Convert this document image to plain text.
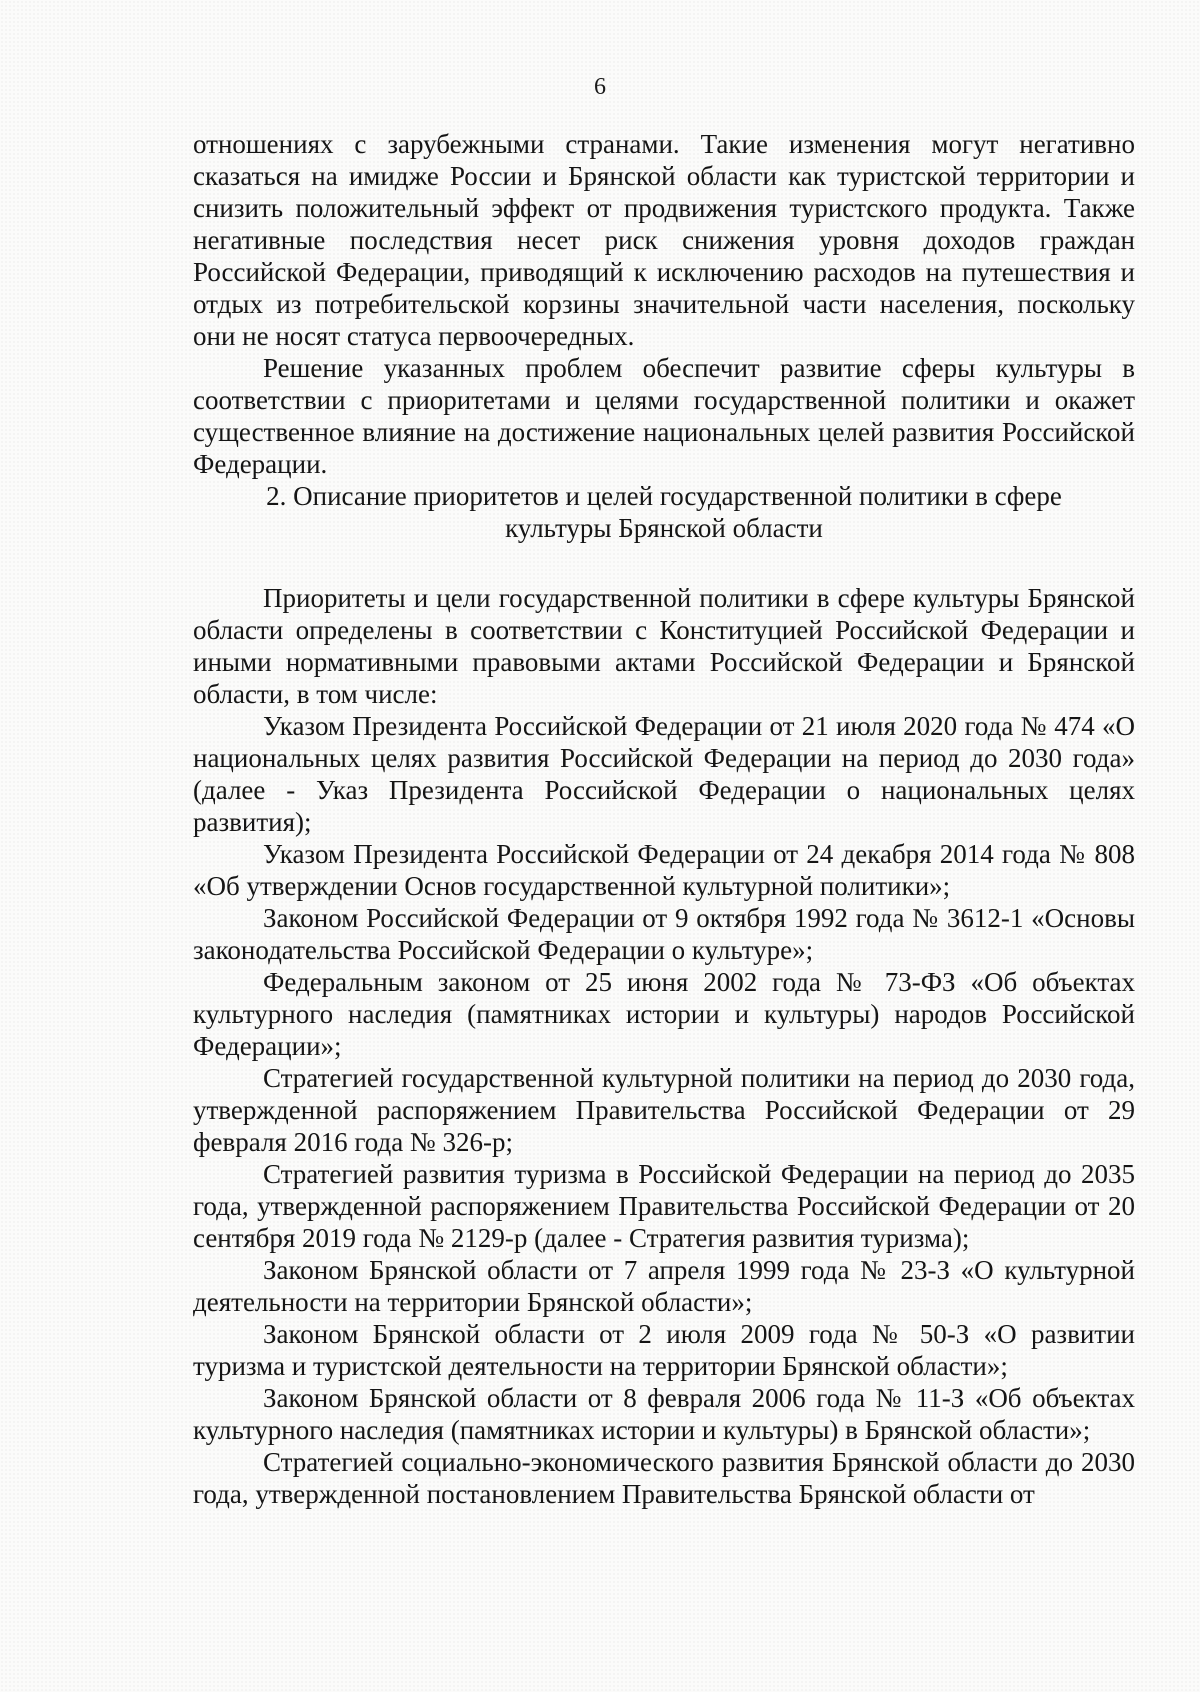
6

отношениях с зарубежными странами. Такие изменения могут негативно сказаться на имидже России и Брянской области как туристской территории и снизить положительный эффект от продвижения туристского продукта. Также негативные последствия несет риск снижения уровня доходов граждан Российской Федерации, приводящий к исключению расходов на путешествия и отдых из потребительской корзины значительной части населения, поскольку они не носят статуса первоочередных.

Решение указанных проблем обеспечит развитие сферы культуры в соответствии с приоритетами и целями государственной политики и окажет существенное влияние на достижение национальных целей развития Российской Федерации.

2. Описание приоритетов и целей государственной политики в сфере культуры Брянской области

Приоритеты и цели государственной политики в сфере культуры Брянской области определены в соответствии с Конституцией Российской Федерации и иными нормативными правовыми актами Российской Федерации и Брянской области, в том числе:

Указом Президента Российской Федерации от 21 июля 2020 года № 474 «О национальных целях развития Российской Федерации на период до 2030 года» (далее - Указ Президента Российской Федерации о национальных целях развития);

Указом Президента Российской Федерации от 24 декабря 2014 года № 808 «Об утверждении Основ государственной культурной политики»;

Законом Российской Федерации от 9 октября 1992 года № 3612-1 «Основы законодательства Российской Федерации о культуре»;

Федеральным законом от 25 июня 2002 года № 73-ФЗ «Об объектах культурного наследия (памятниках истории и культуры) народов Российской Федерации»;

Стратегией государственной культурной политики на период до 2030 года, утвержденной распоряжением Правительства Российской Федерации от 29 февраля 2016 года № 326-р;

Стратегией развития туризма в Российской Федерации на период до 2035 года, утвержденной распоряжением Правительства Российской Федерации от 20 сентября 2019 года № 2129-р (далее - Стратегия развития туризма);

Законом Брянской области от 7 апреля 1999 года № 23-З «О культурной деятельности на территории Брянской области»;

Законом Брянской области от 2 июля 2009 года № 50-З «О развитии туризма и туристской деятельности на территории Брянской области»;

Законом Брянской области от 8 февраля 2006 года № 11-З «Об объектах культурного наследия (памятниках истории и культуры) в Брянской области»;

Стратегией социально-экономического развития Брянской области до 2030 года, утвержденной постановлением Правительства Брянской области от
